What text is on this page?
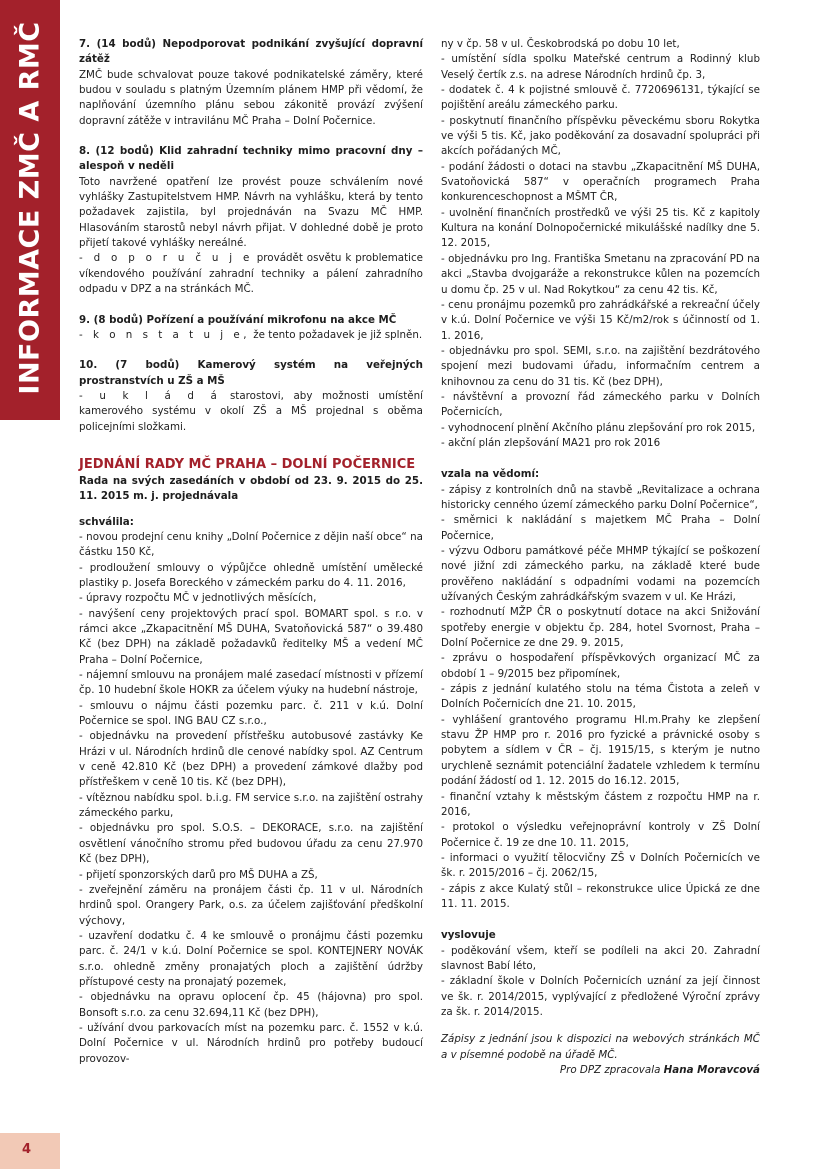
INFORMACE ZMČ A RMČ
4

7. (14 bodů) Nepodporovat podnikání zvyšující dopravní zátěž

ZMČ bude schvalovat pouze takové podnikatelské záměry, které budou v souladu s platným Územním plánem HMP při vědomí, že naplňování územního plánu sebou zákonitě provází zvýšení dopravní zátěže v intravilánu MČ Praha – Dolní Počernice.

8. (12 bodů) Klid zahradní techniky mimo pracovní dny – alespoň v neděli

Toto navržené opatření lze provést pouze schválením nové vyhlášky Zastupitelstvem HMP. Návrh na vyhlášku, která by tento požadavek zajistila, byl projednáván na Svazu MČ HMP. Hlasováním starostů nebyl návrh přijat. V dohledné době je proto přijetí takové vyhlášky nereálné.

- d o p o r u č u j e provádět osvětu k problematice víkendového používání zahradní techniky a pálení zahradního odpadu v DPZ a na stránkách MČ.

9. (8 bodů) Pořízení a používání mikrofonu na akce MČ

- k o n s t a t u j e, že tento požadavek je již splněn.

10. (7 bodů) Kamerový systém na veřejných prostranstvích u ZŠ a MŠ

- u k l á d á starostovi, aby možnosti umístění kamerového systému v okolí ZŠ a MŠ projednal s oběma policejními složkami.

JEDNÁNÍ RADY MČ PRAHA – DOLNÍ POČERNICE

Rada na svých zasedáních v období od 23. 9. 2015 do 25. 11. 2015 m. j. projednávala

schválila:

- novou prodejní cenu knihy „Dolní Počernice z dějin naší obce“ na částku 150 Kč,

- prodloužení smlouvy o výpůjčce ohledně umístění umělecké plastiky p. Josefa Boreckého v zámeckém parku do 4. 11. 2016,

- úpravy rozpočtu MČ v jednotlivých měsících,

- navýšení ceny projektových prací spol. BOMART spol. s r.o. v rámci akce „Zkapacitnění MŠ DUHA, Svatoňovická 587“ o 39.480 Kč (bez DPH) na základě požadavků ředitelky MŠ a vedení MČ Praha – Dolní Počernice,

- nájemní smlouvu na pronájem malé zasedací místnosti v přízemí čp. 10 hudební škole HOKR za účelem výuky na hudební nástroje,

- smlouvu o nájmu části pozemku parc. č. 211 v k.ú. Dolní Počernice se spol. ING BAU CZ s.r.o.,

- objednávku na provedení přístřešku autobusové zastávky Ke Hrázi v ul. Národních hrdinů dle cenové nabídky spol. AZ Centrum v ceně 42.810 Kč (bez DPH) a provedení zámkové dlažby pod přístřeškem v ceně 10 tis. Kč (bez DPH),

- vítěznou nabídku spol. b.i.g. FM service s.r.o. na zajištění ostrahy zámeckého parku,

- objednávku pro spol. S.O.S. – DEKORACE, s.r.o. na zajištění osvětlení vánočního stromu před budovou úřadu za cenu 27.970 Kč (bez DPH),

- přijetí sponzorských darů pro MŠ DUHA a ZŠ,

- zveřejnění záměru na pronájem části čp. 11 v ul. Národních hrdinů spol. Orangery Park, o.s. za účelem zajišťování předškolní výchovy,

- uzavření dodatku č. 4 ke smlouvě o pronájmu části pozemku parc. č. 24/1 v k.ú. Dolní Počernice se spol. KONTEJNERY NOVÁK s.r.o. ohledně změny pronajatých ploch a zajištění údržby přístupové cesty na pronajatý pozemek,

- objednávku na opravu oplocení čp. 45 (hájovna) pro spol. Bonsoft s.r.o. za cenu 32.694,11 Kč (bez DPH),

- užívání dvou parkovacích míst na pozemku parc. č. 1552 v k.ú. Dolní Počernice v ul. Národních hrdinů pro potřeby budoucí provozov-

ny v čp. 58 v ul. Českobrodská po dobu 10 let,

- umístění sídla spolku Mateřské centrum a Rodinný klub Veselý čertík z.s. na adrese Národních hrdinů čp. 3,

- dodatek č. 4 k pojistné smlouvě č. 7720696131, týkající se pojištění areálu zámeckého parku.

- poskytnutí finančního příspěvku pěveckému sboru Rokytka ve výši 5 tis. Kč, jako poděkování za dosavadní spolupráci při akcích pořádaných MČ,

- podání žádosti o dotaci na stavbu „Zkapacitnění MŠ DUHA, Svatoňovická 587“ v operačních programech Praha konkurenceschopnost a MŠMT ČR,

- uvolnění finančních prostředků ve výši 25 tis. Kč z kapitoly Kultura na konání Dolnopočernické mikulášské nadílky dne 5. 12. 2015,

- objednávku pro Ing. Františka Smetanu na zpracování PD na akci „Stavba dvojgaráže a rekonstrukce kůlen na pozemcích u domu čp. 25 v ul. Nad Rokytkou“ za cenu 42 tis. Kč,

- cenu pronájmu pozemků pro zahrádkářské a rekreační účely v k.ú. Dolní Počernice ve výši 15 Kč/m2/rok s účinností od 1. 1. 2016,

- objednávku pro spol. SEMI, s.r.o. na zajištění bezdrátového spojení mezi budovami úřadu, informačním centrem a knihovnou za cenu do 31 tis. Kč (bez DPH),

- návštěvní a provozní řád zámeckého parku v Dolních Počernicích,

- vyhodnocení plnění Akčního plánu zlepšování pro rok 2015,

- akční plán zlepšování MA21 pro rok 2016

vzala na vědomí:

- zápisy z kontrolních dnů na stavbě „Revitalizace a ochrana historicky cenného území zámeckého parku Dolní Počernice“,

- směrnici k nakládání s majetkem MČ Praha – Dolní Počernice,

- výzvu Odboru památkové péče MHMP týkající se poškození nové jižní zdi zámeckého parku, na základě které bude prověřeno nakládání s odpadními vodami na pozemcích užívaných Českým zahrádkářským svazem v ul. Ke Hrázi,

- rozhodnutí MŽP ČR o poskytnutí dotace na akci Snižování spotřeby energie v objektu čp. 284, hotel Svornost, Praha – Dolní Počernice ze dne 29. 9. 2015,

- zprávu o hospodaření příspěvkových organizací MČ za období 1 – 9/2015 bez připomínek,

- zápis z jednání kulatého stolu na téma Čistota a zeleň v Dolních Počernicích dne 21. 10. 2015,

- vyhlášení grantového programu Hl.m.Prahy ke zlepšení stavu ŽP HMP pro r. 2016 pro fyzické a právnické osoby s pobytem a sídlem v ČR – čj. 1915/15, s kterým je nutno urychleně seznámit potenciální žadatele vzhledem k termínu podání žádostí od 1. 12. 2015 do 16.12. 2015,

- finanční vztahy k městským částem z rozpočtu HMP na r. 2016,

- protokol o výsledku veřejnoprávní kontroly v ZŠ Dolní Počernice č. 19 ze dne 10. 11. 2015,

- informaci o využití tělocvičny ZŠ v Dolních Počernicích ve šk. r. 2015/2016 – čj. 2062/15,

- zápis z akce Kulatý stůl – rekonstrukce ulice Úpická ze dne 11. 11. 2015.

vyslovuje

- poděkování všem, kteří se podíleli na akci 20. Zahradní slavnost Babí léto,

- základní škole v Dolních Počernicích uznání za její činnost ve šk. r. 2014/2015, vyplývající z předložené Výroční zprávy za šk. r. 2014/2015.

Zápisy z jednání jsou k dispozici na webových stránkách MČ a v písemné podobě na úřadě MČ.

Pro DPZ zpracovala Hana Moravcová
